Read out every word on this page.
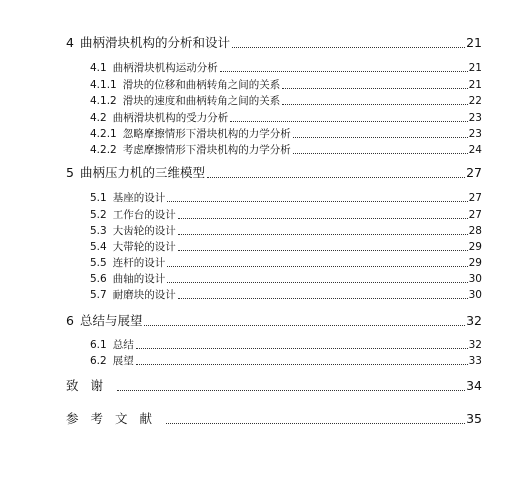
4 曲柄滑块机构的分析和设计	21
4.1 曲柄滑块机构运动分析	21
4.1.1 滑块的位移和曲柄转角之间的关系	21
4.1.2 滑块的速度和曲柄转角之间的关系	22
4.2 曲柄滑块机构的受力分析	23
4.2.1 忽略摩擦情形下滑块机构的力学分析	23
4.2.2 考虑摩擦情形下滑块机构的力学分析	24
5 曲柄压力机的三维模型	27
5.1 基座的设计	27
5.2 工作台的设计	27
5.3 大齿轮的设计	28
5.4 大带轮的设计	29
5.5 连杆的设计	29
5.6 曲轴的设计	30
5.7 耐磨块的设计	30
6 总结与展望	32
6.1 总结	32
6.2 展望	33
致谢	34
参考文献	35
